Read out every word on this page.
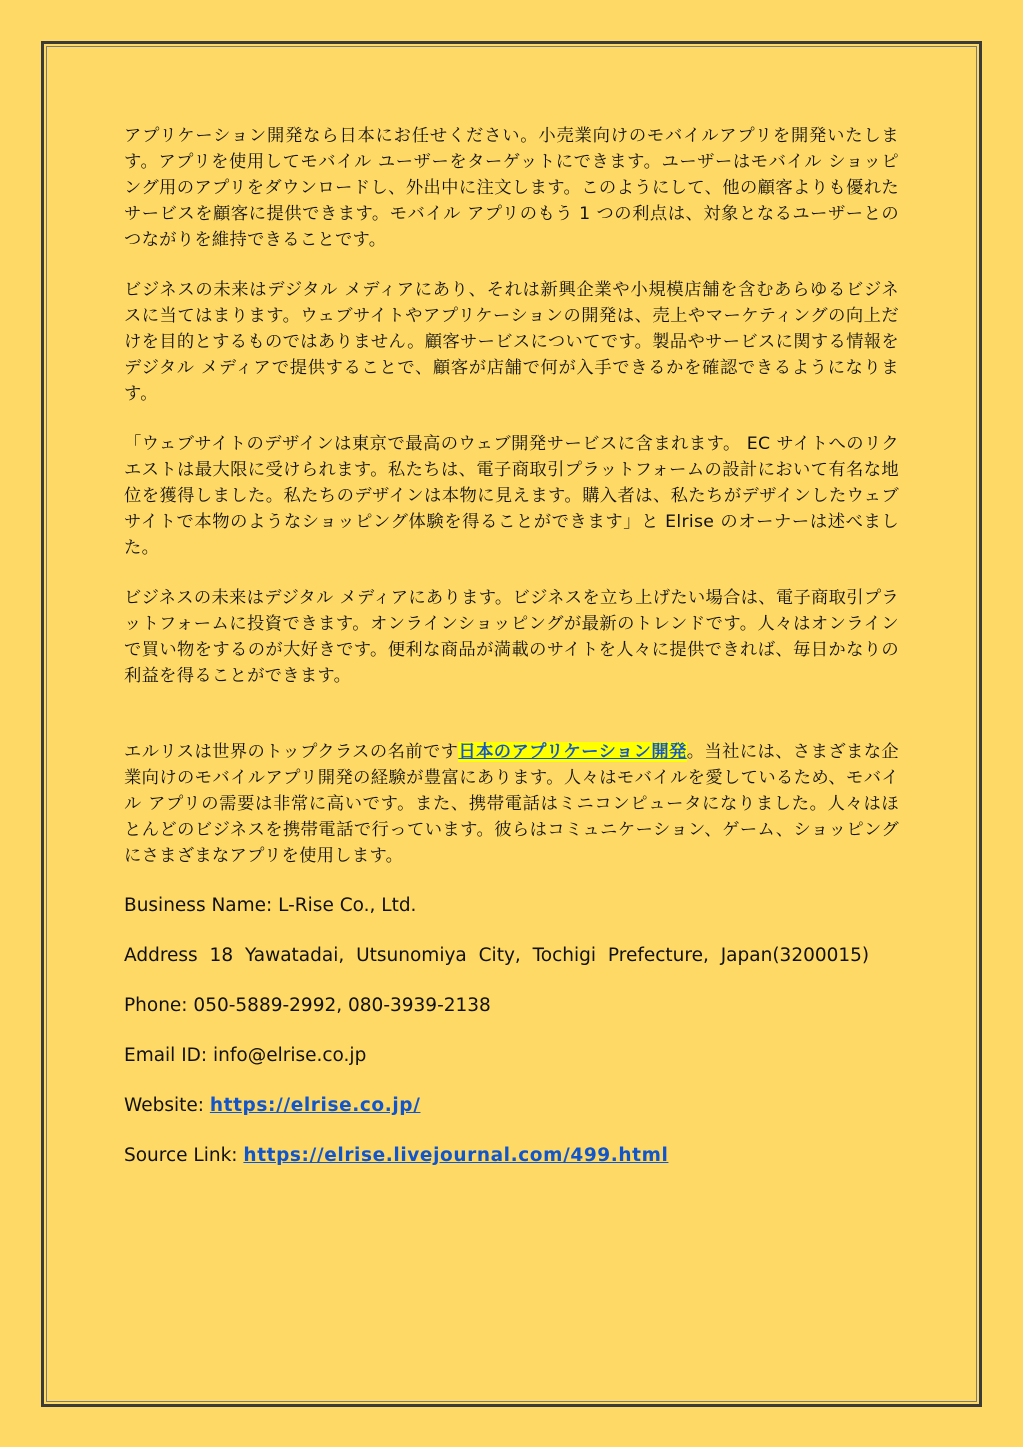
アプリケーション開発なら日本にお任せください。小売業向けのモバイルアプリを開発いたします。アプリを使用してモバイル ユーザーをターゲットにできます。ユーザーはモバイル ショッピング用のアプリをダウンロードし、外出中に注文します。このようにして、他の顧客よりも優れたサービスを顧客に提供できます。モバイル アプリのもう 1 つの利点は、対象となるユーザーとのつながりを維持できることです。

ビジネスの未来はデジタル メディアにあり、それは新興企業や小規模店舗を含むあらゆるビジネスに当てはまります。ウェブサイトやアプリケーションの開発は、売上やマーケティングの向上だけを目的とするものではありません。顧客サービスについてです。製品やサービスに関する情報をデジタル メディアで提供することで、顧客が店舗で何が入手できるかを確認できるようになります。

「ウェブサイトのデザインは東京で最高のウェブ開発サービスに含まれます。 EC サイトへのリクエストは最大限に受けられます。私たちは、電子商取引プラットフォームの設計において有名な地位を獲得しました。私たちのデザインは本物に見えます。購入者は、私たちがデザインしたウェブサイトで本物のようなショッピング体験を得ることができます」と Elrise のオーナーは述べました。

ビジネスの未来はデジタル メディアにあります。ビジネスを立ち上げたい場合は、電子商取引プラットフォームに投資できます。オンラインショッピングが最新のトレンドです。人々はオンラインで買い物をするのが大好きです。便利な商品が満載のサイトを人々に提供できれば、毎日かなりの利益を得ることができます。

エルリスは世界のトップクラスの名前です日本のアプリケーション開発。当社には、さまざまな企業向けのモバイルアプリ開発の経験が豊富にあります。人々はモバイルを愛しているため、モバイル アプリの需要は非常に高いです。また、携帯電話はミニコンピュータになりました。人々はほとんどのビジネスを携帯電話で行っています。彼らはコミュニケーション、ゲーム、ショッピングにさまざまなアプリを使用します。

Business Name: L-Rise Co., Ltd.

Address 18 Yawatadai, Utsunomiya City, Tochigi Prefecture, Japan(3200015)

Phone: 050-5889-2992, 080-3939-2138

Email ID: info@elrise.co.jp

Website: https://elrise.co.jp/

Source Link: https://elrise.livejournal.com/499.html
